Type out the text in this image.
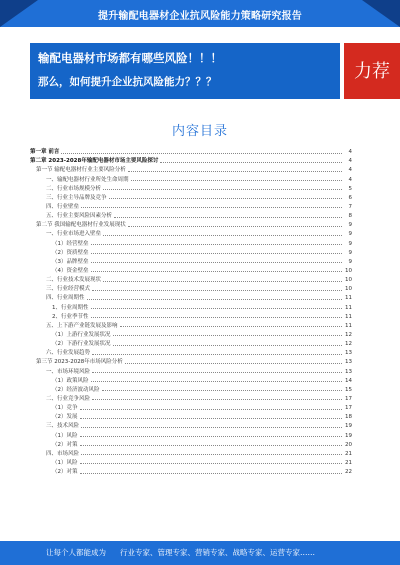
提升输配电器材企业抗风险能力策略研究报告
输配电器材市场都有哪些风险！！！
那么，如何提升企业抗风险能力？？？	力荐
内容目录
第一章 前言	4
第二章 2023-2028年输配电器材市场主要风险探讨	4
第一节 输配电器材行业主要风险分析	4
一、输配电器材行业所处生命周期	4
二、行业市场规模分析	5
三、行业主导品牌及竞争	6
四、行业壁垒	7
五、行业主要风险因素分析	8
第二节 我国输配电器材行业发展现状	9
一、行业市场进入壁垒	9
（1）经营壁垒	9
（2）资质壁垒	9
（3）品牌壁垒	9
（4）资金壁垒	10
二、行业技术发展现状	10
三、行业经营模式	10
四、行业周期性	11
1、行业周期性	11
2、行业季节性	11
五、上下游产业链发展及影响	11
（1）上游行业发展状况	12
（2）下游行业发展状况	12
六、行业发展趋势	13
第三节 2023-2028年市场风险分析	13
一、市场环境风险	13
（1）政策风险	14
（2）经济波动风险	15
二、行业竞争风险	17
（1）竞争	17
（2）发展	18
三、技术风险	19
（1）风险	19
（2）对策	20
四、市场风险	21
（1）风险	21
（2）对策	22
让每个人都能成为 行业专家、管理专家、营销专家、战略专家、运营专家……
